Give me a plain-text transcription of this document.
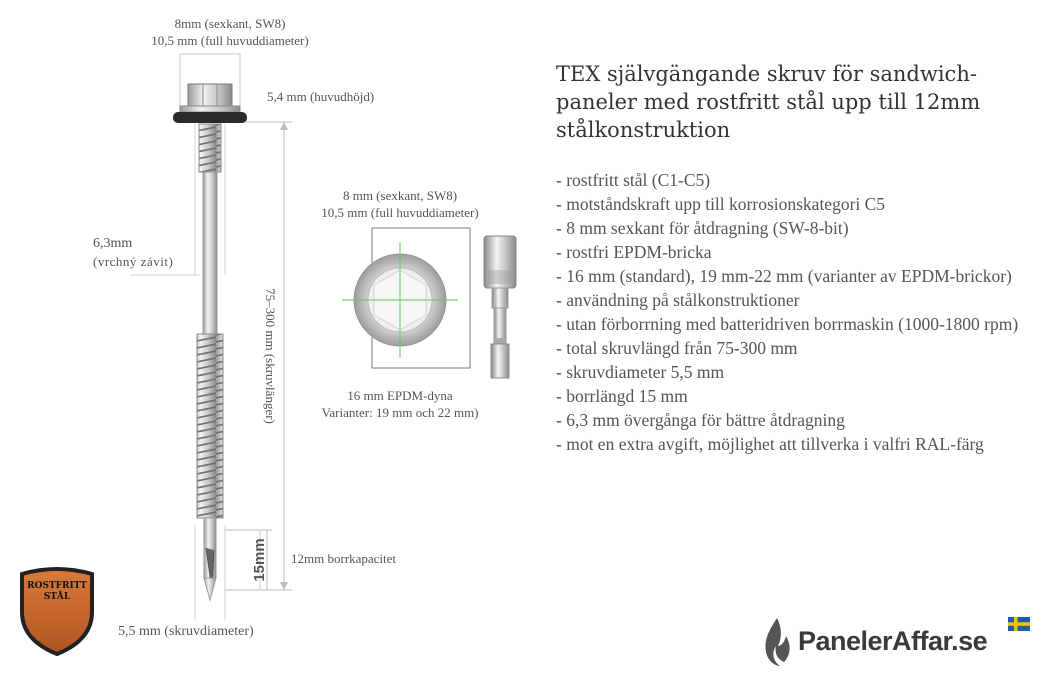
8mm (sexkant, SW8)
10,5 mm (full huvuddiameter)
5,4 mm (huvudhöjd)
6,3mm
(vrchný závit)
75–300 mm (skruvlänger)
15mm 12mm borrkapacitet
5,5 mm (skruvdiameter)
8 mm (sexkant, SW8)
10,5 mm (full huvuddiameter)
16 mm EPDM-dyna
Varianter: 19 mm och 22 mm)
TEX självgängande skruv för sandwich-paneler med rostfritt stål upp till 12mm stålkonstruktion
- rostfritt stål (C1-C5)
- motståndskraft upp till korrosionskategori C5
- 8 mm sexkant för åtdragning (SW-8-bit)
- rostfri EPDM-bricka
- 16 mm (standard), 19 mm-22 mm (varianter av EPDM-brickor)
- användning på stålkonstruktioner
- utan förborrning med batteridriven borrmaskin (1000-1800 rpm)
- total skruvlängd från 75-300 mm
- skruvdiameter 5,5 mm
- borrlängd 15 mm
- 6,3 mm övergånga för bättre åtdragning
- mot en extra avgift, möjlighet att tillverka i valfri RAL-färg
ROSTFRITT
STÅL
PanelerAffar.se
